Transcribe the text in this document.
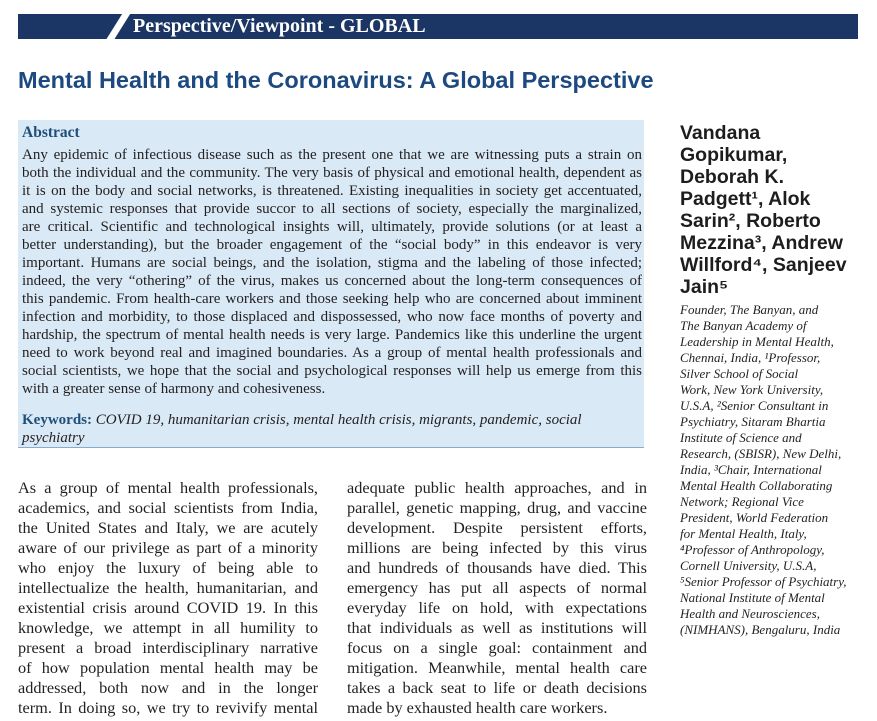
Perspective/Viewpoint - GLOBAL
Mental Health and the Coronavirus: A Global Perspective
Abstract
Any epidemic of infectious disease such as the present one that we are witnessing puts a strain on
both the individual and the community. The very basis of physical and emotional health, dependent as
it is on the body and social networks, is threatened. Existing inequalities in society get accentuated,
and systemic responses that provide succor to all sections of society, especially the marginalized,
are critical. Scientific and technological insights will, ultimately, provide solutions (or at least a
better understanding), but the broader engagement of the “social body” in this endeavor is very
important. Humans are social beings, and the isolation, stigma and the labeling of those infected;
indeed, the very “othering” of the virus, makes us concerned about the long-term consequences of
this pandemic. From health-care workers and those seeking help who are concerned about imminent
infection and morbidity, to those displaced and dispossessed, who now face months of poverty and
hardship, the spectrum of mental health needs is very large. Pandemics like this underline the urgent
need to work beyond real and imagined boundaries. As a group of mental health professionals and
social scientists, we hope that the social and psychological responses will help us emerge from this
with a greater sense of harmony and cohesiveness.
Keywords: COVID 19, humanitarian crisis, mental health crisis, migrants, pandemic, social
psychiatry
As a group of mental health professionals,
academics, and social scientists from India,
the United States and Italy, we are acutely
aware of our privilege as part of a minority
who enjoy the luxury of being able to
intellectualize the health, humanitarian, and
existential crisis around COVID 19. In this
knowledge, we attempt in all humility to
present a broad interdisciplinary narrative
of how population mental health may be
addressed, both now and in the longer
term. In doing so, we try to revivify mental
adequate public health approaches, and in
parallel, genetic mapping, drug, and vaccine
development. Despite persistent efforts,
millions are being infected by this virus
and hundreds of thousands have died. This
emergency has put all aspects of normal
everyday life on hold, with expectations
that individuals as well as institutions will
focus on a single goal: containment and
mitigation. Meanwhile, mental health care
takes a back seat to life or death decisions
made by exhausted health care workers.
Vandana
Gopikumar,
Deborah K.
Padgett¹, Alok
Sarin², Roberto
Mezzina³, Andrew
Willford⁴, Sanjeev
Jain⁵
Founder, The Banyan, and
The Banyan Academy of
Leadership in Mental Health,
Chennai, India, ¹Professor,
Silver School of Social
Work, New York University,
U.S.A, ²Senior Consultant in
Psychiatry, Sitaram Bhartia
Institute of Science and
Research, (SBISR), New Delhi,
India, ³Chair, International
Mental Health Collaborating
Network; Regional Vice
President, World Federation
for Mental Health, Italy,
⁴Professor of Anthropology,
Cornell University, U.S.A,
⁵Senior Professor of Psychiatry,
National Institute of Mental
Health and Neurosciences,
(NIMHANS), Bengaluru, India
